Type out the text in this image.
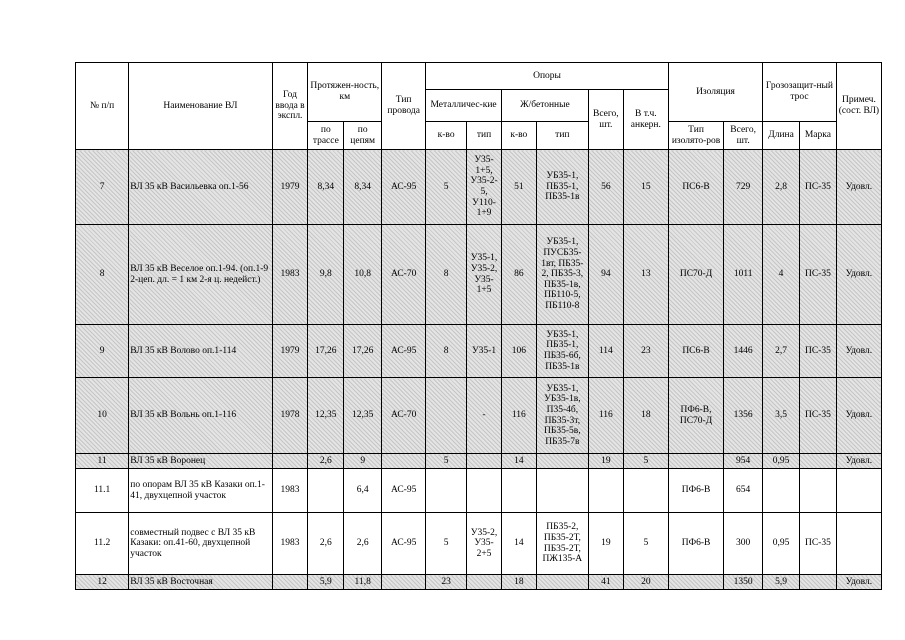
№ п/п	Наименование ВЛ	Год ввода в экспл.	Протяжен-ность, км		Тип провода	Опоры						Изоляция		Грозозащит-ный трос		Примеч. (сост. ВЛ)
						Металличес-кие		Ж/бетонные		Всего, шт.	В т.ч. анкерн.					
			по трассе	по цепям		к-во	тип	к-во	тип			Тип изолято-ров	Всего, шт.	Длина	Марка	
7	ВЛ 35 кВ Васильевка оп.1-56	1979	8,34	8,34	АС-95	5	У35-1+5, У35-2-5, У110-1+9	51	УБ35-1, ПБ35-1, ПБ35-1в	56	15	ПС6-В	729	2,8	ПС-35	Удовл.
8	ВЛ 35 кВ Веселое оп.1-94. (оп.1-9 2-цеп. дл. = 1 км 2-я ц. недейст.)	1983	9,8	10,8	АС-70	8	У35-1, У35-2, У35-1+5	86	УБ35-1, ПУСБ35-1вт, ПБ35-2, ПБ35-3, ПБ35-1в, ПБ110-5, ПБ110-8	94	13	ПС70-Д	1011	4	ПС-35	Удовл.
9	ВЛ 35 кВ Волово оп.1-114	1979	17,26	17,26	АС-95	8	У35-1	106	УБ35-1, ПБ35-1, ПБ35-6б, ПБ35-1в	114	23	ПС6-В	1446	2,7	ПС-35	Удовл.
10	ВЛ 35 кВ Вольнь оп.1-116	1978	12,35	12,35	АС-70		-	116	УБ35-1, УБ35-1в, П35-4б, ПБ35-3т, ПБ35-5в, ПБ35-7в	116	18	ПФ6-В, ПС70-Д	1356	3,5	ПС-35	Удовл.
11	ВЛ 35 кВ Воронец		2,6	9		5		14		19	5		954	0,95		Удовл.
11.1	по опорам ВЛ 35 кВ Казаки оп.1-41, двухцепной участок	1983		6,4	АС-95							ПФ6-В	654			
11.2	совместный подвес с ВЛ 35 кВ Казаки: оп.41-60, двухцепной участок	1983	2,6	2,6	АС-95	5	У35-2, У35-2+5	14	ПБ35-2, ПБ35-2Т, ПБ35-2Т, ПЖ135-А	19	5	ПФ6-В	300	0,95	ПС-35	
12	ВЛ 35 кВ Восточная		5,9	11,8		23		18		41	20		1350	5,9		Удовл.
